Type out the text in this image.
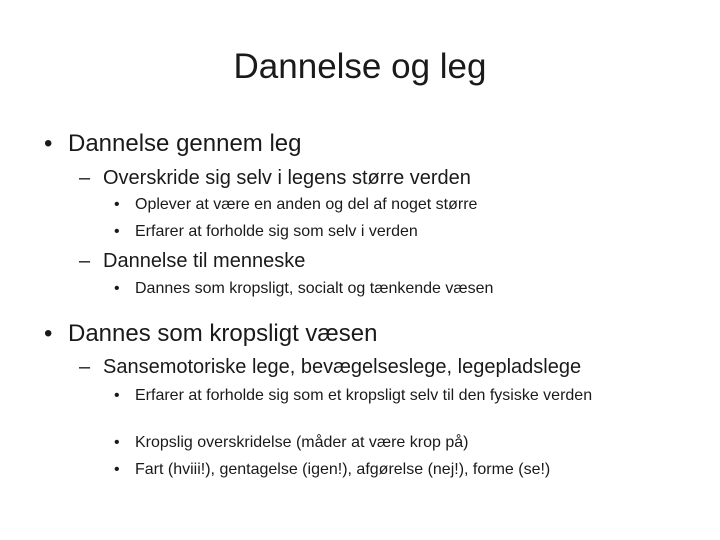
Dannelse og leg
• Dannelse gennem leg
– Overskride sig selv i legens større verden
• Oplever at være en anden og del af noget større
• Erfarer at forholde sig som selv i verden
– Dannelse til menneske
• Dannes som kropsligt, socialt og tænkende væsen
• Dannes som kropsligt væsen
– Sansemotoriske lege, bevægelseslege, legepladslege
• Erfarer at forholde sig som et kropsligt selv til den fysiske verden
• Kropslig overskridelse (måder at være krop på)
• Fart (hviii!), gentagelse (igen!), afgørelse (nej!), forme (se!)
